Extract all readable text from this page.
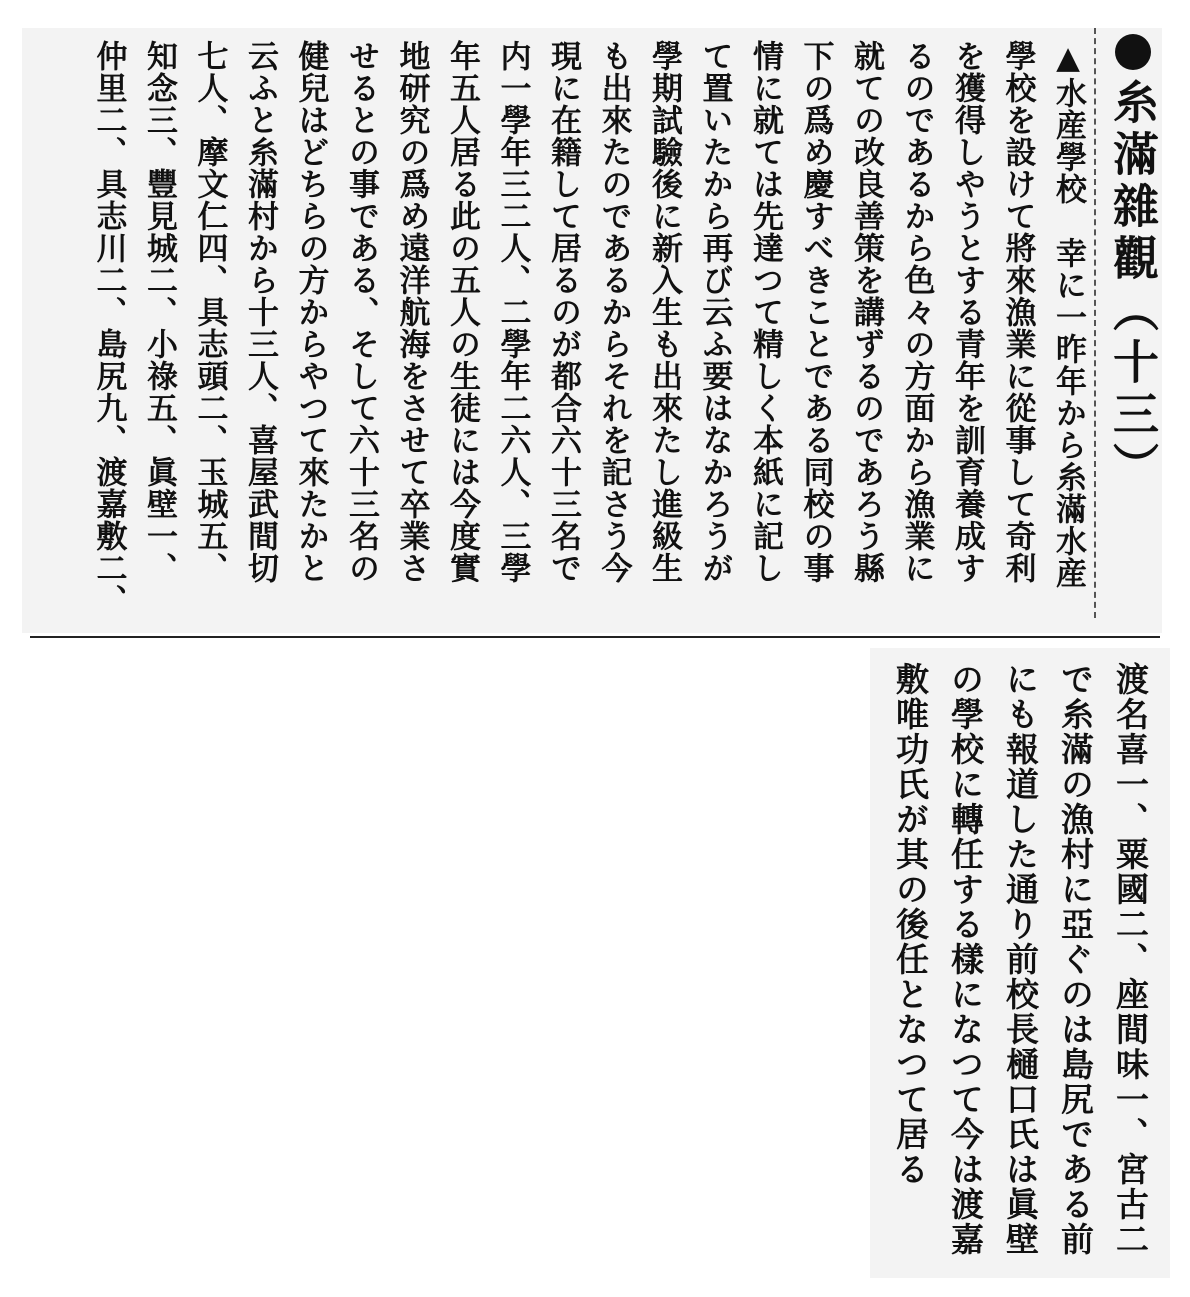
糸滿雜觀（十三）
▲水産學校　幸に一昨年から糸滿水産
學校を設けて將來漁業に從事して奇利
を獲得しやうとする青年を訓育養成す
るのであるから色々の方面から漁業に
就ての改良善策を講ずるのであろう縣
下の爲め慶すべきことである同校の事
情に就ては先達つて精しく本紙に記し
て置いたから再び云ふ要はなかろうが
學期試驗後に新入生も出來たし進級生
も出來たのであるからそれを記さう今
現に在籍して居るのが都合六十三名で
内一學年三二人、二學年二六人、三學
年五人居る此の五人の生徒には今度實
地研究の爲め遠洋航海をさせて卒業さ
せるとの事である、そして六十三名の
健兒はどちらの方からやつて來たかと
云ふと糸滿村から十三人、喜屋武間切
七人、摩文仁四、具志頭二、玉城五、
知念三、豐見城二、小祿五、眞壁一、
仲里二、具志川二、島尻九、渡嘉敷二、
渡名喜一、粟國二、座間味一、宮古二
で糸滿の漁村に亞ぐのは島尻である前
にも報道した通り前校長樋口氏は眞壁
の學校に轉任する樣になつて今は渡嘉
敷唯功氏が其の後任となつて居る
